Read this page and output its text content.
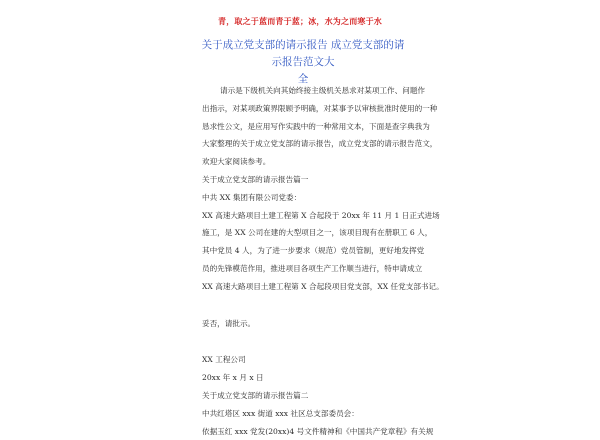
青，取之于蓝而青于蓝；冰，水为之而寒于水
关于成立党支部的请示报告 成立党支部的请示报告范文大
全

请示是下级机关向其始终接主级机关恳求对某项工作、问题作

出指示，对某项政策界限顾予明确，对某事予以审核批准时使用的一种

恳求性公文，是应用写作实践中的一种常用文本，下面是查字典我为

大家整理的关于成立党支部的请示报告，成立党支部的请示报告范文，

欢迎大家阅读参考。

关于成立党支部的请示报告篇一

中共 XX 集团有限公司党委：

XX 高速大路项目土建工程第 X 合起段于 20xx 年 11 月 1 日正式进场

施工，是 XX 公司在建的大型项目之一，该项目现有在册职工 6 人，

其中党员 4 人，为了进一步要求（规范）党员管制，更好地发挥党

员的先锋模范作用，推进项目各项生产工作顺当进行，特申请成立

XX 高速大路项目土建工程第 X 合起段项目党支部，XX 任党支部书记。

妥否，请批示。

XX 工程公司

20xx 年 x 月 x 日

关于成立党支部的请示报告篇二

中共红塔区 xxx 街道 xxx 社区总支部委员会：

依据玉红 xxx 党发(20xx)4 号文件精神和《中国共产党章程》有关规
